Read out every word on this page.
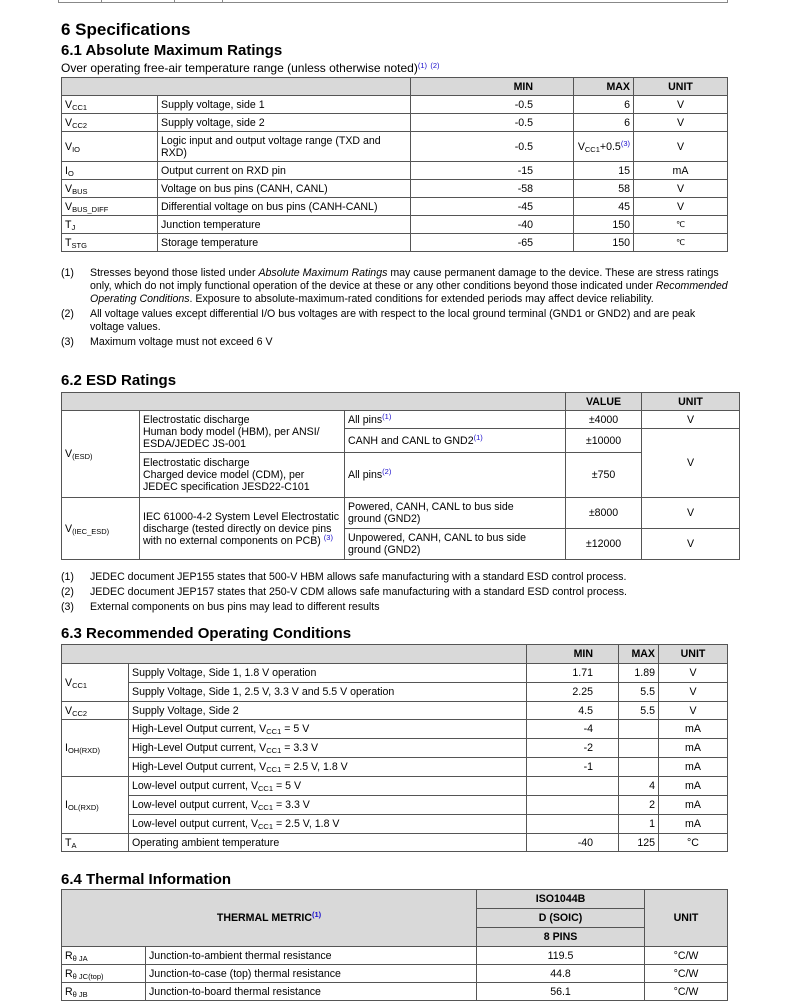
6 Specifications
6.1 Absolute Maximum Ratings
Over operating free-air temperature range (unless otherwise noted)$^{(1)}$ $^{(2)}$
		MIN	MAX	UNIT
$V_{CC1}$	Supply voltage, side 1	-0.5	6	V
$V_{CC2}$	Supply voltage, side 2	-0.5	6	V
$V_{IO}$	Logic input and output voltage range (TXD and RXD)	-0.5	$V_{CC1}+0.5^{(3)}$	V
$I_O$	Output current on RXD pin	-15	15	mA
$V_{BUS}$	Voltage on bus pins (CANH, CANL)	-58	58	V
$V_{BUS\_DIFF}$	Differential voltage on bus pins (CANH-CANL)	-45	45	V
$T_J$	Junction temperature	-40	150	℃
$T_{STG}$	Storage temperature	-65	150	℃
(1)	Stresses beyond those listed under Absolute Maximum Ratings may cause permanent damage to the device. These are stress ratings only, which do not imply functional operation of the device at these or any other conditions beyond those indicated under Recommended Operating Conditions. Exposure to absolute-maximum-rated conditions for extended periods may affect device reliability.
(2)	All voltage values except differential I/O bus voltages are with respect to the local ground terminal (GND1 or GND2) and are peak voltage values.
(3)	Maximum voltage must not exceed 6 V
6.2 ESD Ratings
			VALUE	UNIT
$V_{(ESD)}$	Electrostatic discharge
Human body model (HBM), per ANSI/
ESDA/JEDEC JS-001	All pins$^{(1)}$	±4000	V
		CANH and CANL to GND2$^{(1)}$	±10000	V
	Electrostatic discharge
Charged device model (CDM), per
JEDEC specification JESD22-C101	All pins$^{(2)}$	±750	
$V_{(IEC\_ESD)}$	IEC 61000-4-2 System Level Electrostatic
discharge (tested directly on device pins
with no external components on PCB) $^{(3)}$	Powered, CANH, CANL to bus side
ground (GND2)	±8000	V
		Unpowered, CANH, CANL to bus side
ground (GND2)	±12000	V
(1)	JEDEC document JEP155 states that 500-V HBM allows safe manufacturing with a standard ESD control process.
(2)	JEDEC document JEP157 states that 250-V CDM allows safe manufacturing with a standard ESD control process.
(3)	External components on bus pins may lead to different results
6.3 Recommended Operating Conditions
		MIN	MAX	UNIT
$V_{CC1}$	Supply Voltage, Side 1, 1.8 V operation	1.71	1.89	V
	Supply Voltage, Side 1, 2.5 V, 3.3 V and 5.5 V operation	2.25	5.5	V
$V_{CC2}$	Supply Voltage, Side 2	4.5	5.5	V
$I_{OH(RXD)}$	High-Level Output current, $V_{CC1} = 5$ V	-4		mA
	High-Level Output current, $V_{CC1} = 3.3$ V	-2		mA
	High-Level Output current, $V_{CC1} = 2.5$ V, 1.8 V	-1		mA
$I_{OL(RXD)}$	Low-level output current, $V_{CC1} = 5$ V		4	mA
	Low-level output current, $V_{CC1} = 3.3$ V		2	mA
	Low-level output current, $V_{CC1} = 2.5$ V, 1.8 V		1	mA
$T_A$	Operating ambient temperature	-40	125	°C
6.4 Thermal Information
THERMAL METRIC$^{(1)}$		ISO1044B	UNIT
		D (SOIC)	
		8 PINS	
$R_{\theta JA}$	Junction-to-ambient thermal resistance	119.5	°C/W
$R_{\theta JC(top)}$	Junction-to-case (top) thermal resistance	44.8	°C/W
$R_{\theta JB}$	Junction-to-board thermal resistance	56.1	°C/W
